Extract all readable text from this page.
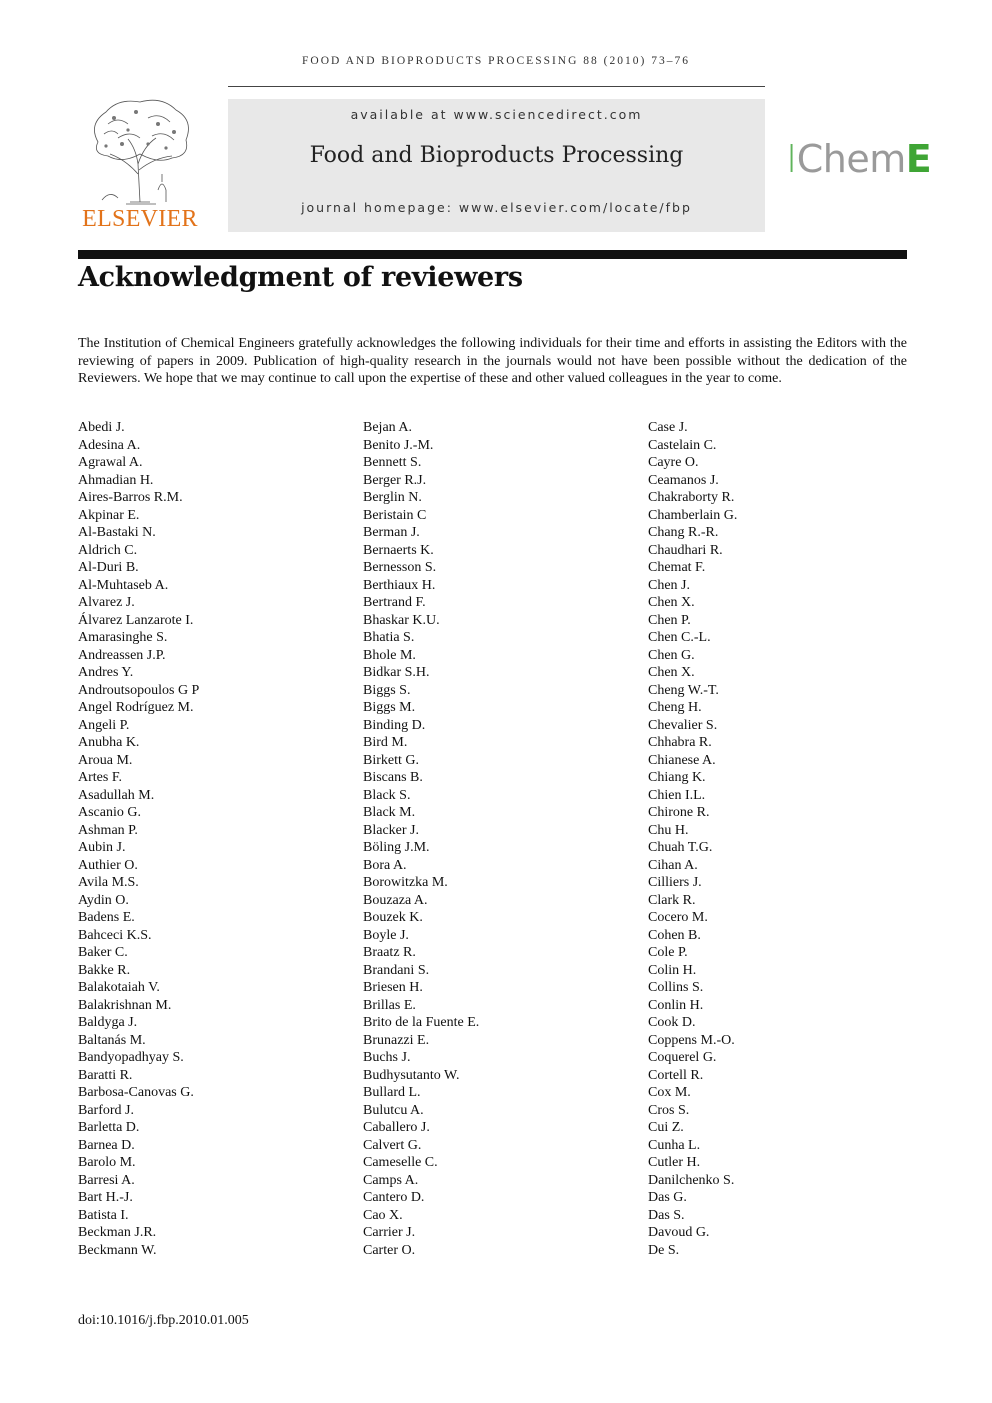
FOOD AND BIOPRODUCTS PROCESSING 88 (2010) 73–76
ELSEVIER
available at www.sciencedirect.com
Food and Bioproducts Processing
journal homepage: www.elsevier.com/locate/fbp
IChemE
Acknowledgment of reviewers
The Institution of Chemical Engineers gratefully acknowledges the following individuals for their time and efforts in assisting the Editors with the reviewing of papers in 2009. Publication of high-quality research in the journals would not have been possible without the dedication of the Reviewers. We hope that we may continue to call upon the expertise of these and other valued colleagues in the year to come.
Abedi J.
Adesina A.
Agrawal A.
Ahmadian H.
Aires-Barros R.M.
Akpinar E.
Al-Bastaki N.
Aldrich C.
Al-Duri B.
Al-Muhtaseb A.
Alvarez J.
Álvarez Lanzarote I.
Amarasinghe S.
Andreassen J.P.
Andres Y.
Androutsopoulos G P
Angel Rodríguez M.
Angeli P.
Anubha K.
Aroua M.
Artes F.
Asadullah M.
Ascanio G.
Ashman P.
Aubin J.
Authier O.
Avila M.S.
Aydin O.
Badens E.
Bahceci K.S.
Baker C.
Bakke R.
Balakotaiah V.
Balakrishnan M.
Baldyga J.
Baltanás M.
Bandyopadhyay S.
Baratti R.
Barbosa-Canovas G.
Barford J.
Barletta D.
Barnea D.
Barolo M.
Barresi A.
Bart H.-J.
Batista I.
Beckman J.R.
Beckmann W.
Bejan A.
Benito J.-M.
Bennett S.
Berger R.J.
Berglin N.
Beristain C
Berman J.
Bernaerts K.
Bernesson S.
Berthiaux H.
Bertrand F.
Bhaskar K.U.
Bhatia S.
Bhole M.
Bidkar S.H.
Biggs S.
Biggs M.
Binding D.
Bird M.
Birkett G.
Biscans B.
Black S.
Black M.
Blacker J.
Böling J.M.
Bora A.
Borowitzka M.
Bouzaza A.
Bouzek K.
Boyle J.
Braatz R.
Brandani S.
Briesen H.
Brillas E.
Brito de la Fuente E.
Brunazzi E.
Buchs J.
Budhysutanto W.
Bullard L.
Bulutcu A.
Caballero J.
Calvert G.
Cameselle C.
Camps A.
Cantero D.
Cao X.
Carrier J.
Carter O.
Case J.
Castelain C.
Cayre O.
Ceamanos J.
Chakraborty R.
Chamberlain G.
Chang R.-R.
Chaudhari R.
Chemat F.
Chen J.
Chen X.
Chen P.
Chen C.-L.
Chen G.
Chen X.
Cheng W.-T.
Cheng H.
Chevalier S.
Chhabra R.
Chianese A.
Chiang K.
Chien I.L.
Chirone R.
Chu H.
Chuah T.G.
Cihan A.
Cilliers J.
Clark R.
Cocero M.
Cohen B.
Cole P.
Colin H.
Collins S.
Conlin H.
Cook D.
Coppens M.-O.
Coquerel G.
Cortell R.
Cox M.
Cros S.
Cui Z.
Cunha L.
Cutler H.
Danilchenko S.
Das G.
Das S.
Davoud G.
De S.
doi:10.1016/j.fbp.2010.01.005
